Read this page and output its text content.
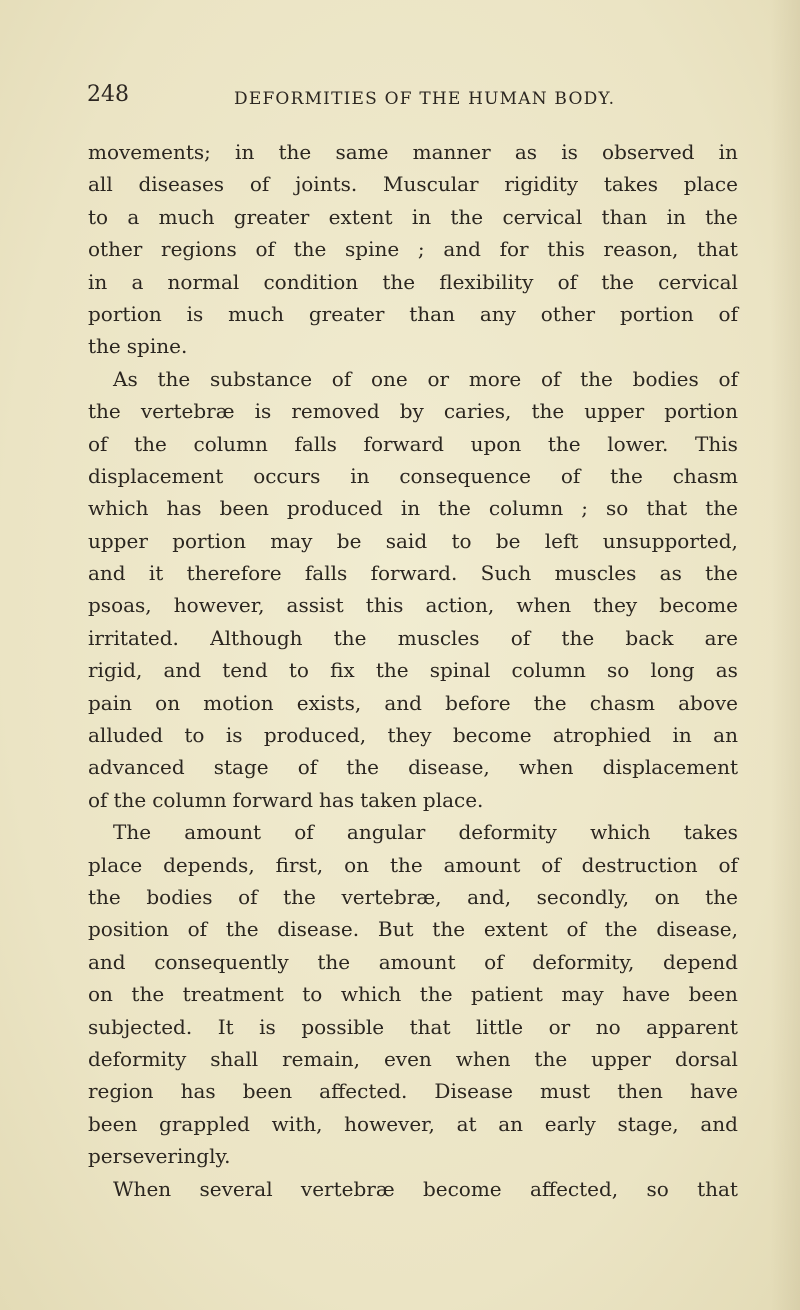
248	DEFORMITIES OF THE HUMAN BODY.
movements; in the same manner as is observed in
all diseases of joints. Muscular rigidity takes place
to a much greater extent in the cervical than in the
other regions of the spine ; and for this reason, that
in a normal condition the flexibility of the cervical
portion is much greater than any other portion of
the spine.
As the substance of one or more of the bodies of
the vertebræ is removed by caries, the upper portion
of the column falls forward upon the lower. This
displacement occurs in consequence of the chasm
which has been produced in the column ; so that the
upper portion may be said to be left unsupported,
and it therefore falls forward. Such muscles as the
psoas, however, assist this action, when they become
irritated. Although the muscles of the back are
rigid, and tend to fix the spinal column so long as
pain on motion exists, and before the chasm above
alluded to is produced, they become atrophied in an
advanced stage of the disease, when displacement
of the column forward has taken place.
The amount of angular deformity which takes
place depends, first, on the amount of destruction of
the bodies of the vertebræ, and, secondly, on the
position of the disease. But the extent of the disease,
and consequently the amount of deformity, depend
on the treatment to which the patient may have been
subjected. It is possible that little or no apparent
deformity shall remain, even when the upper dorsal
region has been affected. Disease must then have
been grappled with, however, at an early stage, and
perseveringly.
When several vertebræ become affected, so that
